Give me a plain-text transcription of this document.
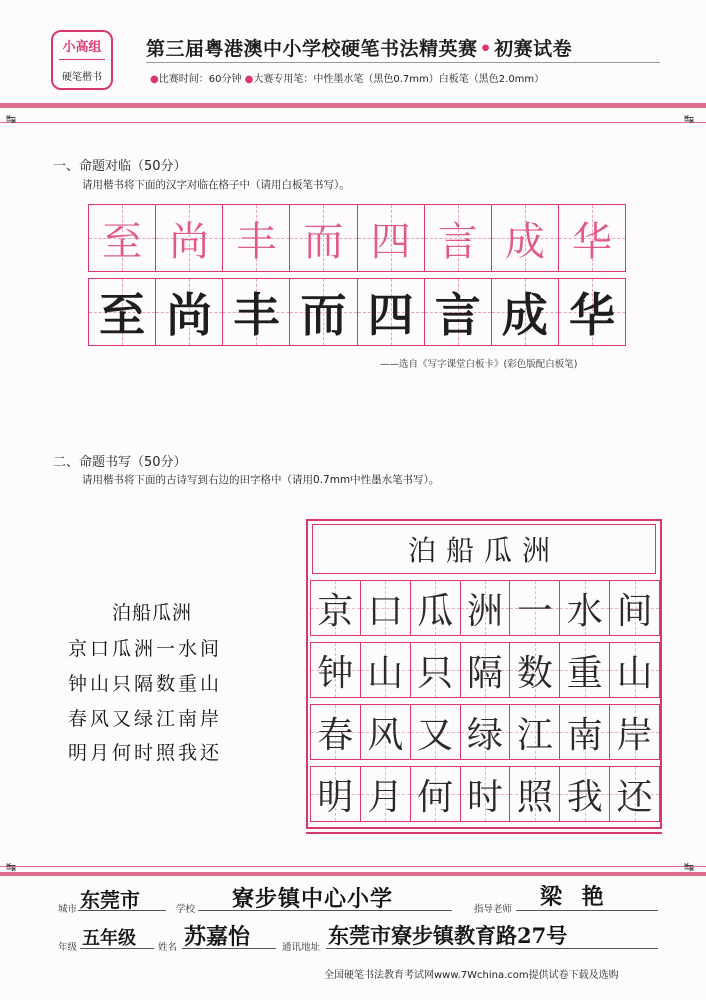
小高组
硬笔楷书
第三届粤港澳中小学校硬笔书法精英赛 • 初赛试卷
●比赛时间：60分钟 ●大赛专用笔：中性墨水笔（黑色0.7mm）白板笔（黑色2.0mm）
↹	↹
一、命题对临（50分）
请用楷书将下面的汉字对临在格子中（请用白板笔书写）。
至 尚 丰 而 四 言 成 华
至 尚 丰 而 四 言 成 华
——选自《写字课堂白板卡》(彩色版配白板笔)
二、命题书写（50分）
请用楷书将下面的古诗写到右边的田字格中（请用0.7mm中性墨水笔书写）。
泊船瓜洲
京口瓜洲一水间
钟山只隔数重山
春风又绿江南岸
明月何时照我还
泊船瓜洲
京 口 瓜 洲 一 水 间
钟 山 只 隔 数 重 山
春 风 又 绿 江 南 岸
明 月 何 时 照 我 还
↹	↹
城市 东莞市	学校 寮步镇中心小学	指导老师 梁 艳
年级 五年级 姓名 苏嘉怡	通讯地址 东莞市寮步镇教育路27号
全国硬笔书法教育考试网www.7Wchina.com提供试卷下载及选购
